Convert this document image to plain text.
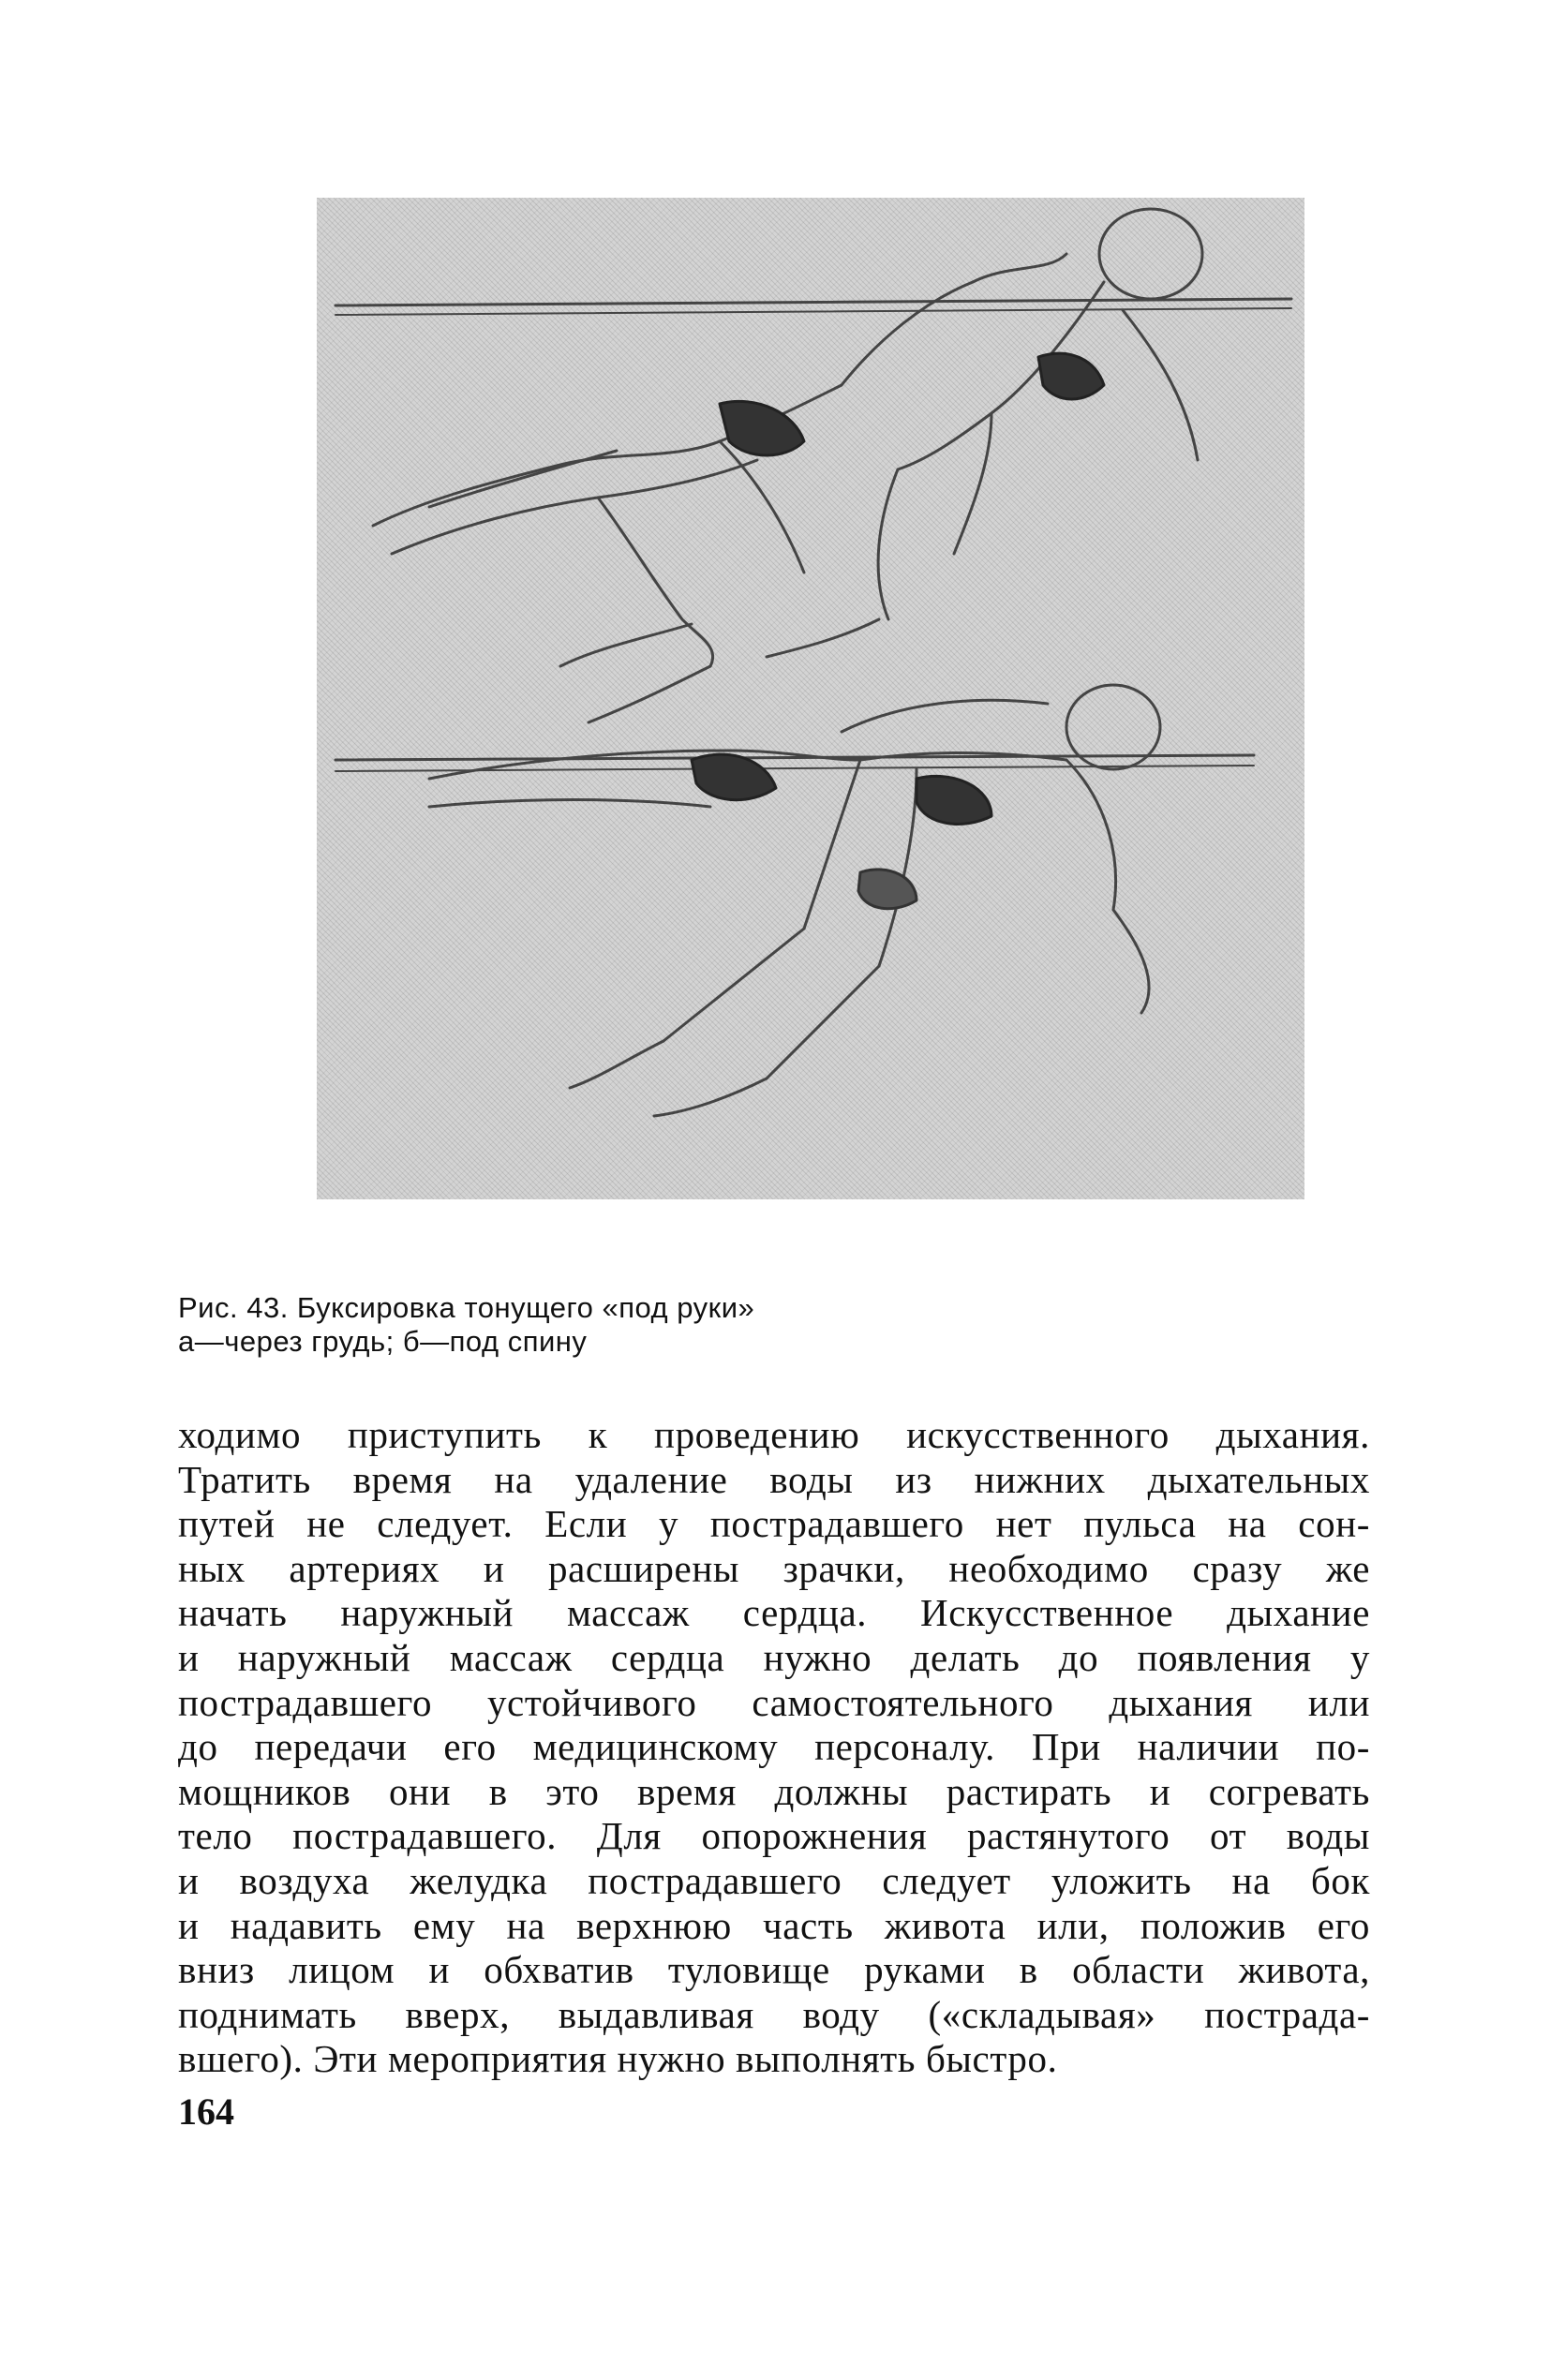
Рис. 43. Буксировка тонущего «под руки»
а—через грудь; б—под спину
ходимо приступить к проведению искусственного дыхания.
Тратить время на удаление воды из нижних дыхательных
путей не следует. Если у пострадавшего нет пульса на сон-
ных артериях и расширены зрачки, необходимо сразу же
начать наружный массаж сердца. Искусственное дыхание
и наружный массаж сердца нужно делать до появления у
пострадавшего устойчивого самостоятельного дыхания или
до передачи его медицинскому персоналу. При наличии по-
мощников они в это время должны растирать и согревать
тело пострадавшего. Для опорожнения растянутого от воды
и воздуха желудка пострадавшего следует уложить на бок
и надавить ему на верхнюю часть живота или, положив его
вниз лицом и обхватив туловище руками в области живота,
поднимать вверх, выдавливая воду («складывая» пострада-
вшего). Эти мероприятия нужно выполнять быстро.
164
